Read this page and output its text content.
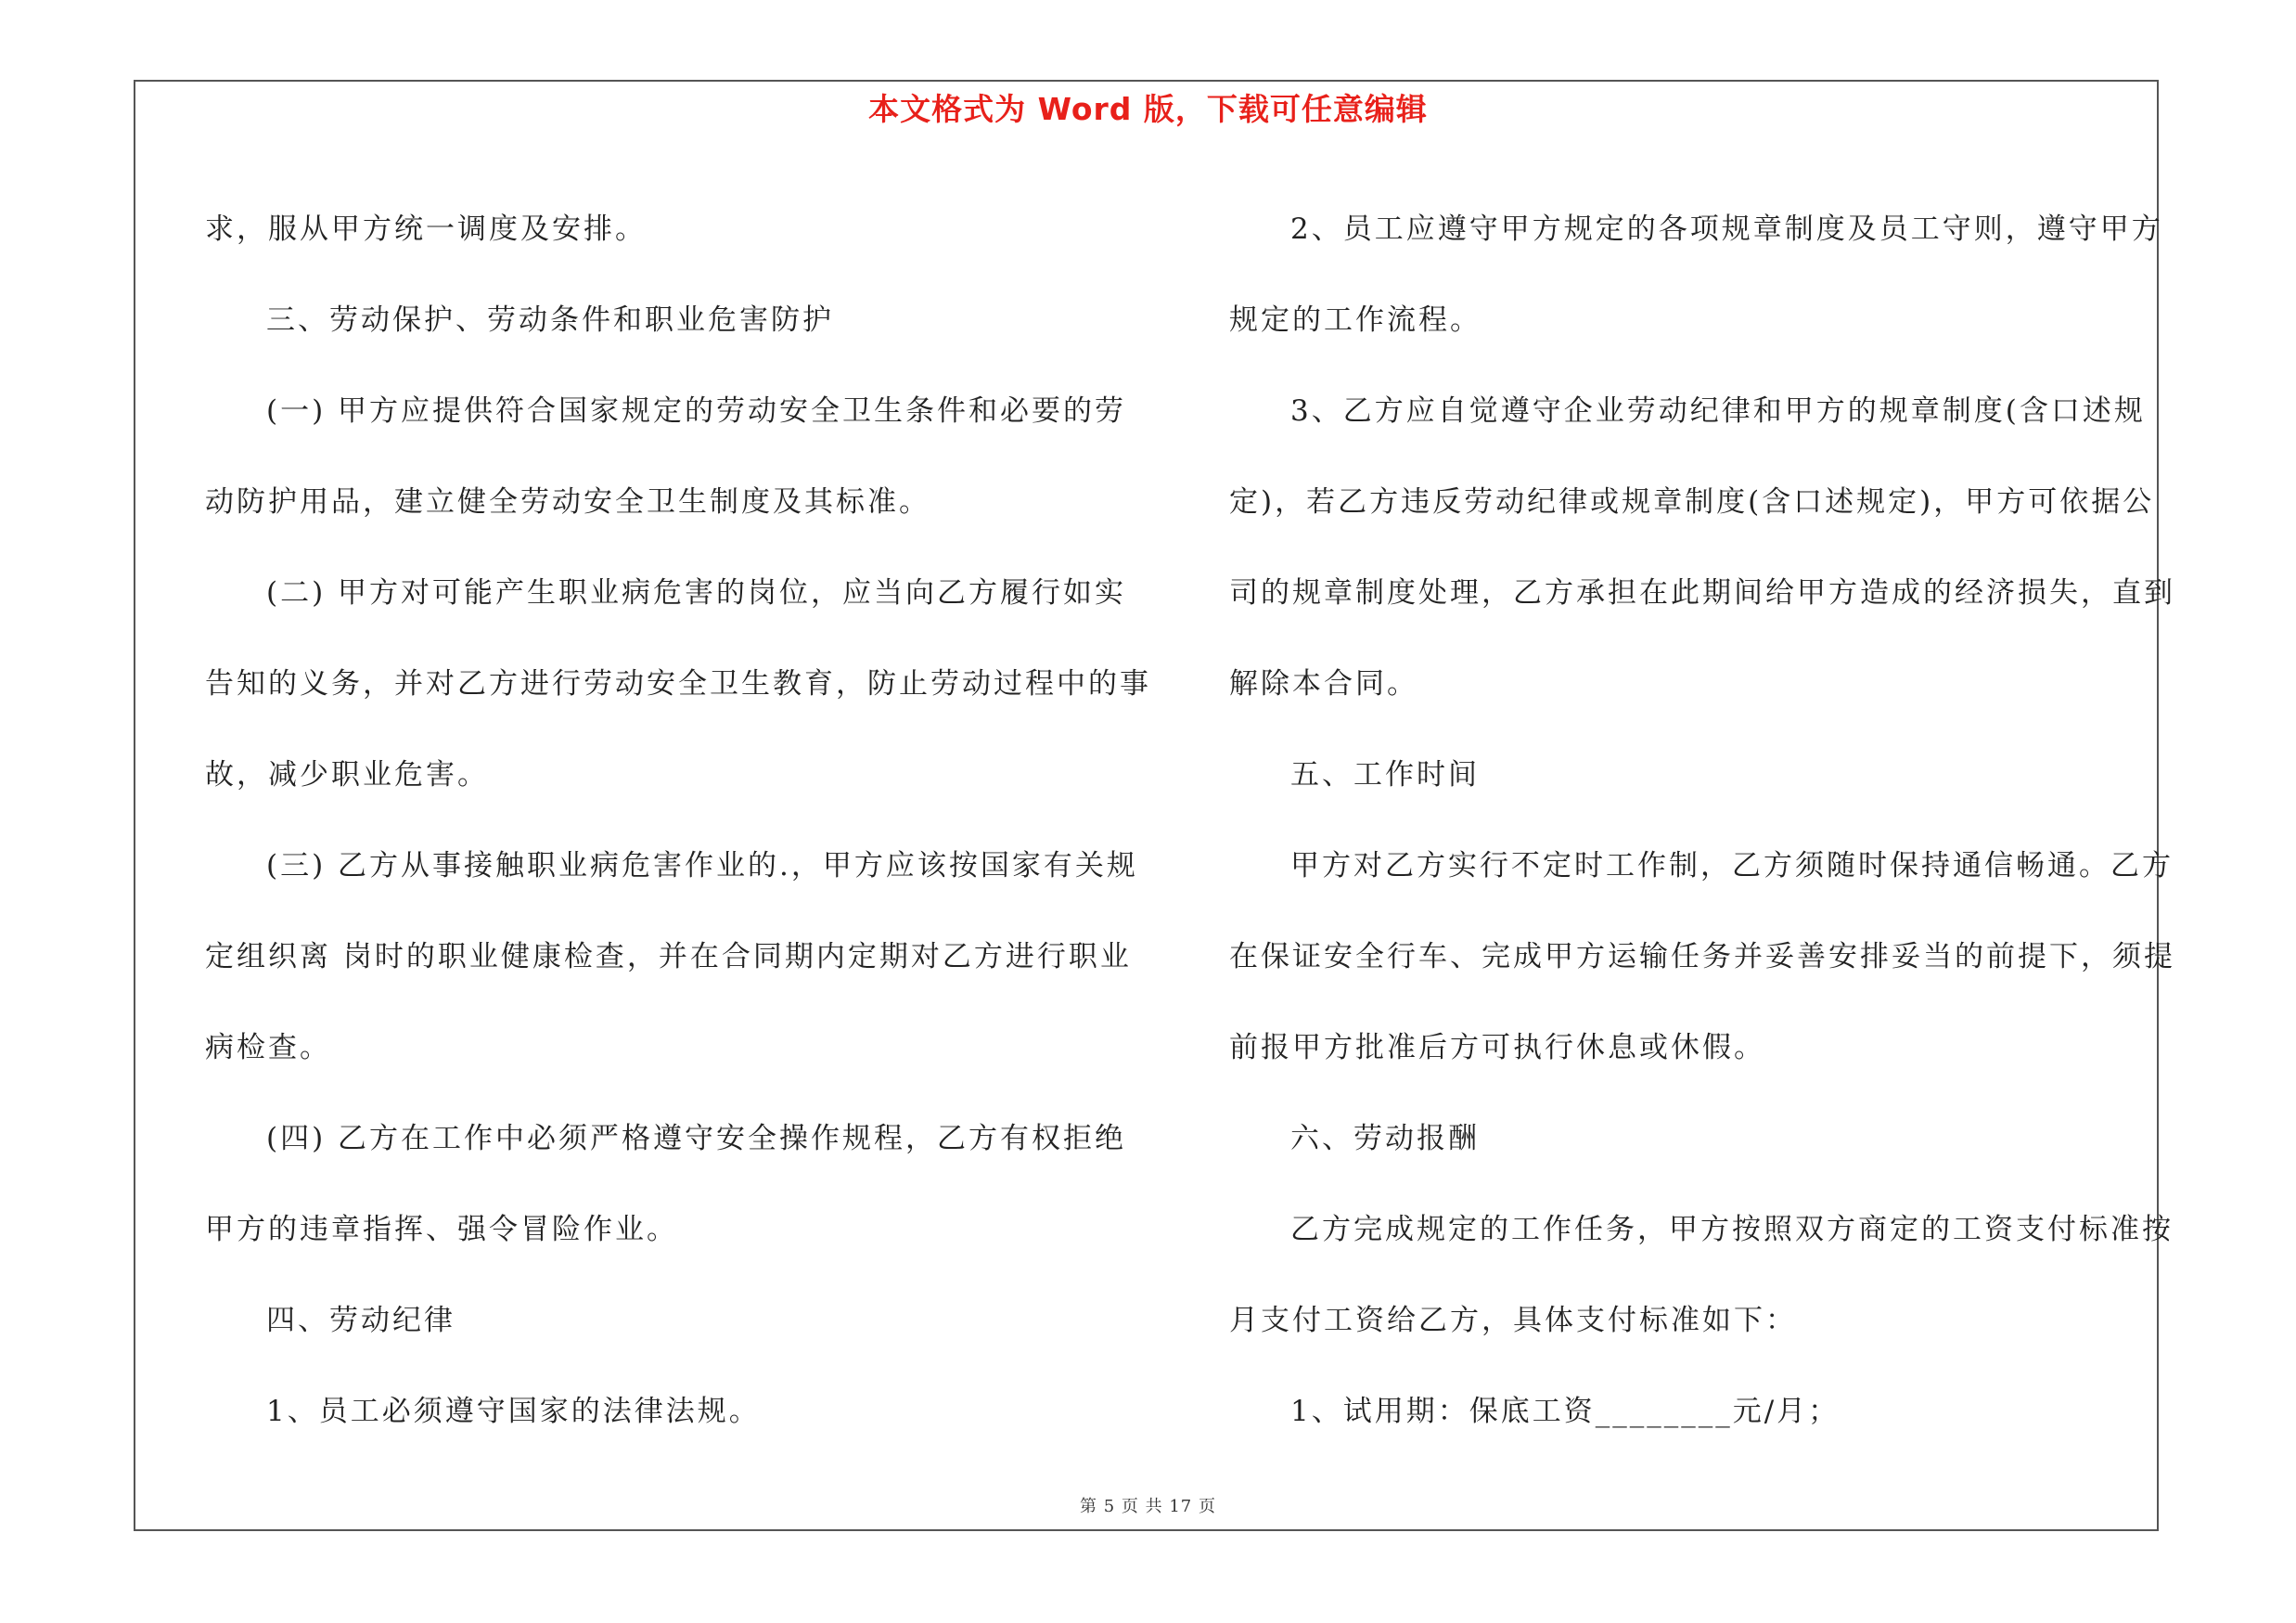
本文格式为 Word 版，下载可任意编辑

求，服从甲方统一调度及安排。

三、劳动保护、劳动条件和职业危害防护

(一) 甲方应提供符合国家规定的劳动安全卫生条件和必要的劳

动防护用品，建立健全劳动安全卫生制度及其标准。

(二) 甲方对可能产生职业病危害的岗位，应当向乙方履行如实

告知的义务，并对乙方进行劳动安全卫生教育，防止劳动过程中的事

故，减少职业危害。

(三) 乙方从事接触职业病危害作业的.，甲方应该按国家有关规

定组织离 岗时的职业健康检查，并在合同期内定期对乙方进行职业

病检查。

(四) 乙方在工作中必须严格遵守安全操作规程，乙方有权拒绝

甲方的违章指挥、强令冒险作业。

四、劳动纪律

1、员工必须遵守国家的法律法规。

2、员工应遵守甲方规定的各项规章制度及员工守则，遵守甲方

规定的工作流程。

3、乙方应自觉遵守企业劳动纪律和甲方的规章制度(含口述规

定)，若乙方违反劳动纪律或规章制度(含口述规定)，甲方可依据公

司的规章制度处理，乙方承担在此期间给甲方造成的经济损失，直到

解除本合同。

五、工作时间

甲方对乙方实行不定时工作制，乙方须随时保持通信畅通。乙方

在保证安全行车、完成甲方运输任务并妥善安排妥当的前提下，须提

前报甲方批准后方可执行休息或休假。

六、劳动报酬

乙方完成规定的工作任务，甲方按照双方商定的工资支付标准按

月支付工资给乙方，具体支付标准如下：

1、试用期：保底工资________元/月；

第 5 页 共 17 页
